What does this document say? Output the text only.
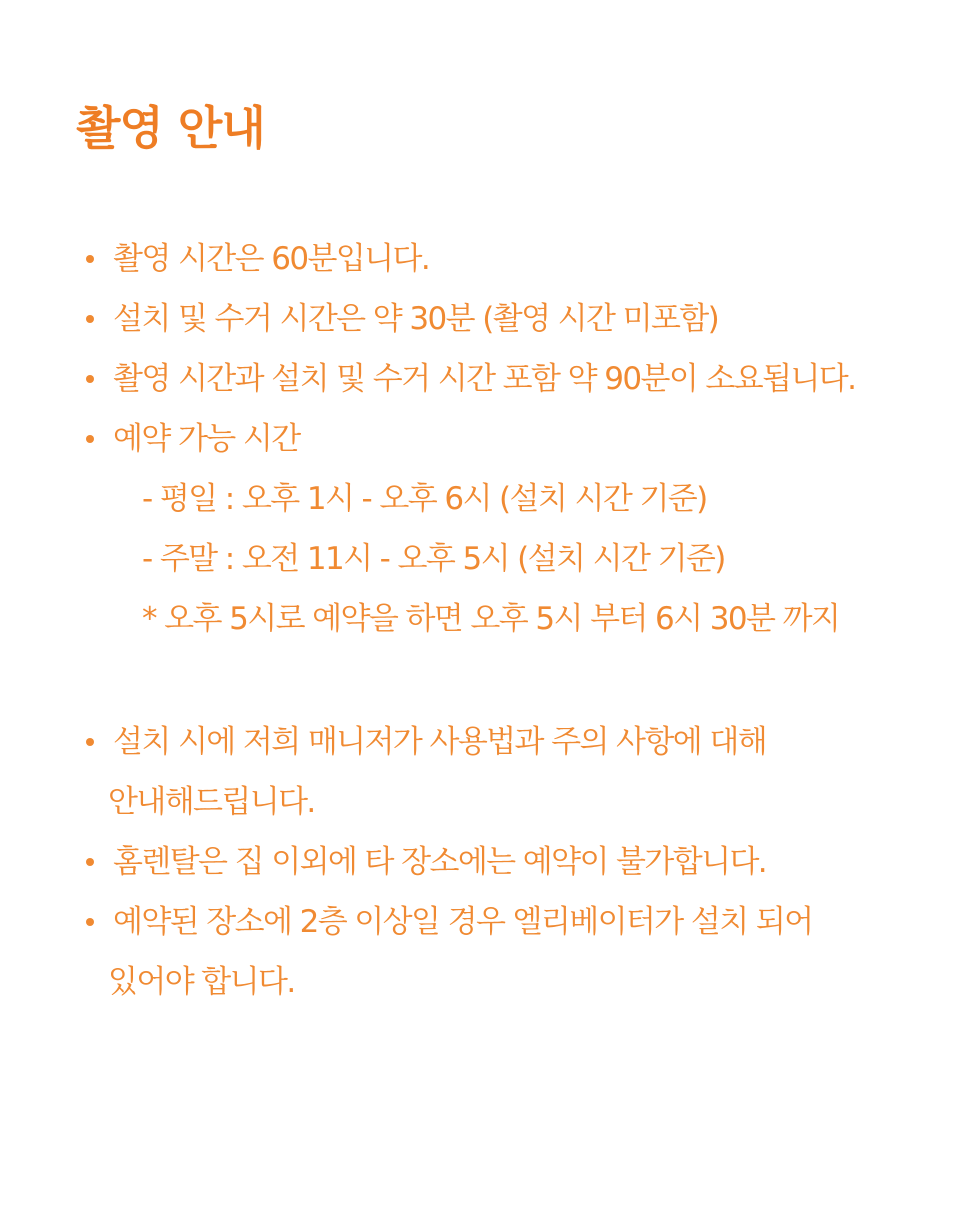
촬영 안내

촬영 시간은 60분입니다.

설치 및 수거 시간은 약 30분 (촬영 시간 미포함)

촬영 시간과 설치 및 수거 시간 포함 약 90분이 소요됩니다.

예약 가능 시간

- 평일 : 오후 1시 - 오후 6시 (설치 시간 기준)

- 주말 : 오전 11시 - 오후 5시 (설치 시간 기준)

* 오후 5시로 예약을 하면 오후 5시 부터 6시 30분 까지

설치 시에 저희 매니저가 사용법과 주의 사항에 대해

안내해드립니다.

홈렌탈은 집 이외에 타 장소에는 예약이 불가합니다.

예약된 장소에 2층 이상일 경우 엘리베이터가 설치 되어

있어야 합니다.
